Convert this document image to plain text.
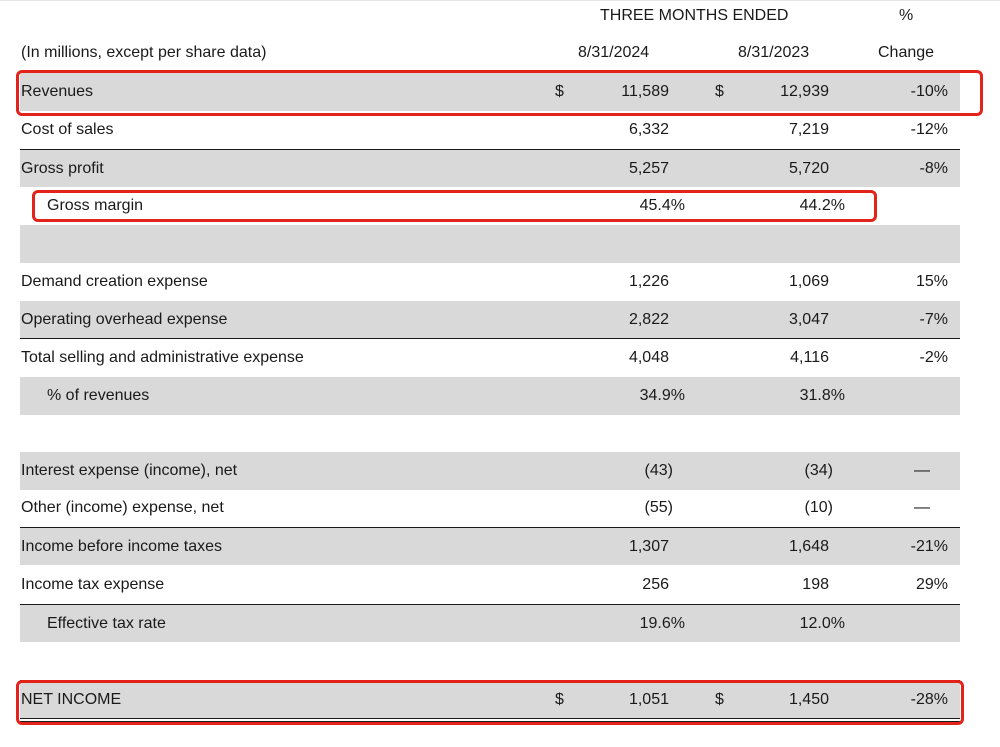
THREE MONTHS ENDED	%
(In millions, except per share data)	8/31/2024	8/31/2023	Change
Revenues	$	11,589	$	12,939	-10%
Cost of sales	6,332	7,219	-12%
Gross profit	5,257	5,720	-8%
Gross margin	45.4%	44.2%
Demand creation expense	1,226	1,069	15%
Operating overhead expense	2,822	3,047	-7%
Total selling and administrative expense	4,048	4,116	-2%
% of revenues	34.9%	31.8%
Interest expense (income), net	(43)	(34)	—
Other (income) expense, net	(55)	(10)	—
Income before income taxes	1,307	1,648	-21%
Income tax expense	256	198	29%
Effective tax rate	19.6%	12.0%
NET INCOME	$	1,051	$	1,450	-28%
